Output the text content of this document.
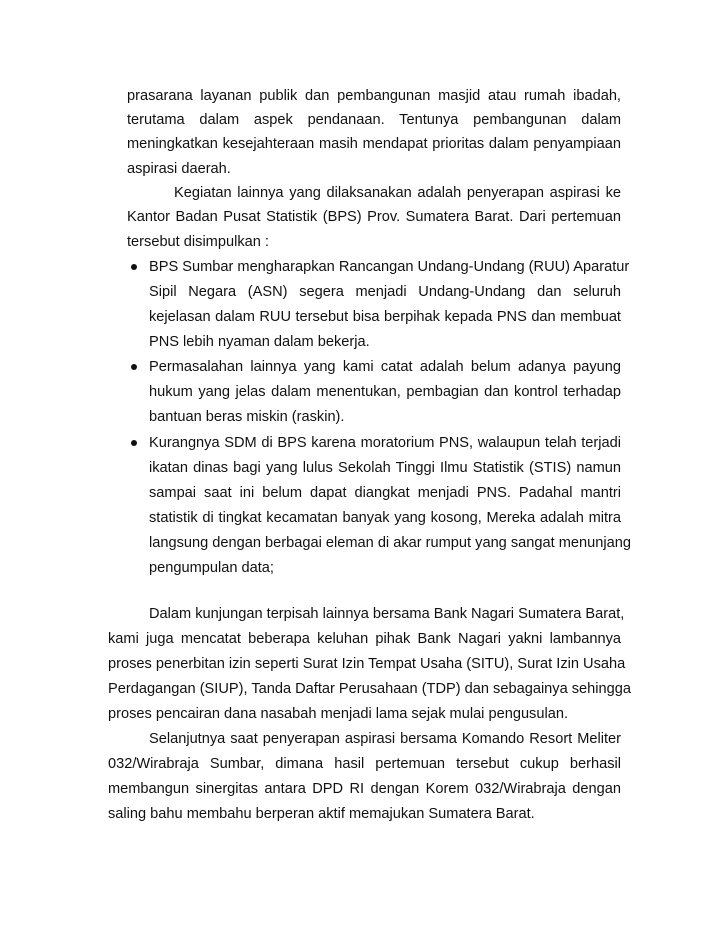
prasarana layanan publik dan pembangunan masjid atau rumah ibadah,
terutama dalam aspek pendanaan. Tentunya pembangunan dalam
meningkatkan kesejahteraan masih mendapat prioritas dalam penyampiaan
aspirasi daerah.
Kegiatan lainnya yang dilaksanakan adalah penyerapan aspirasi ke
Kantor Badan Pusat Statistik (BPS) Prov. Sumatera Barat. Dari pertemuan
tersebut disimpulkan :
BPS Sumbar mengharapkan Rancangan Undang-Undang (RUU) Aparatur
Sipil Negara (ASN) segera menjadi Undang-Undang dan seluruh
kejelasan dalam RUU tersebut bisa berpihak kepada PNS dan membuat
PNS lebih nyaman dalam bekerja.
Permasalahan lainnya yang kami catat adalah belum adanya payung
hukum yang jelas dalam menentukan, pembagian dan kontrol terhadap
bantuan beras miskin (raskin).
Kurangnya SDM di BPS karena moratorium PNS, walaupun telah terjadi
ikatan dinas bagi yang lulus Sekolah Tinggi Ilmu Statistik (STIS) namun
sampai saat ini belum dapat diangkat menjadi PNS. Padahal mantri
statistik di tingkat kecamatan banyak yang kosong, Mereka adalah mitra
langsung dengan berbagai eleman di akar rumput yang sangat menunjang
pengumpulan data;
Dalam kunjungan terpisah lainnya bersama Bank Nagari Sumatera Barat,
kami juga mencatat beberapa keluhan pihak Bank Nagari yakni lambannya
proses penerbitan izin seperti Surat Izin Tempat Usaha (SITU), Surat Izin Usaha
Perdagangan (SIUP), Tanda Daftar Perusahaan (TDP) dan sebagainya sehingga
proses pencairan dana nasabah menjadi lama sejak mulai pengusulan.
Selanjutnya saat penyerapan aspirasi bersama Komando Resort Meliter
032/Wirabraja Sumbar, dimana hasil pertemuan tersebut cukup berhasil
membangun sinergitas antara DPD RI dengan Korem 032/Wirabraja dengan
saling bahu membahu berperan aktif memajukan Sumatera Barat.
